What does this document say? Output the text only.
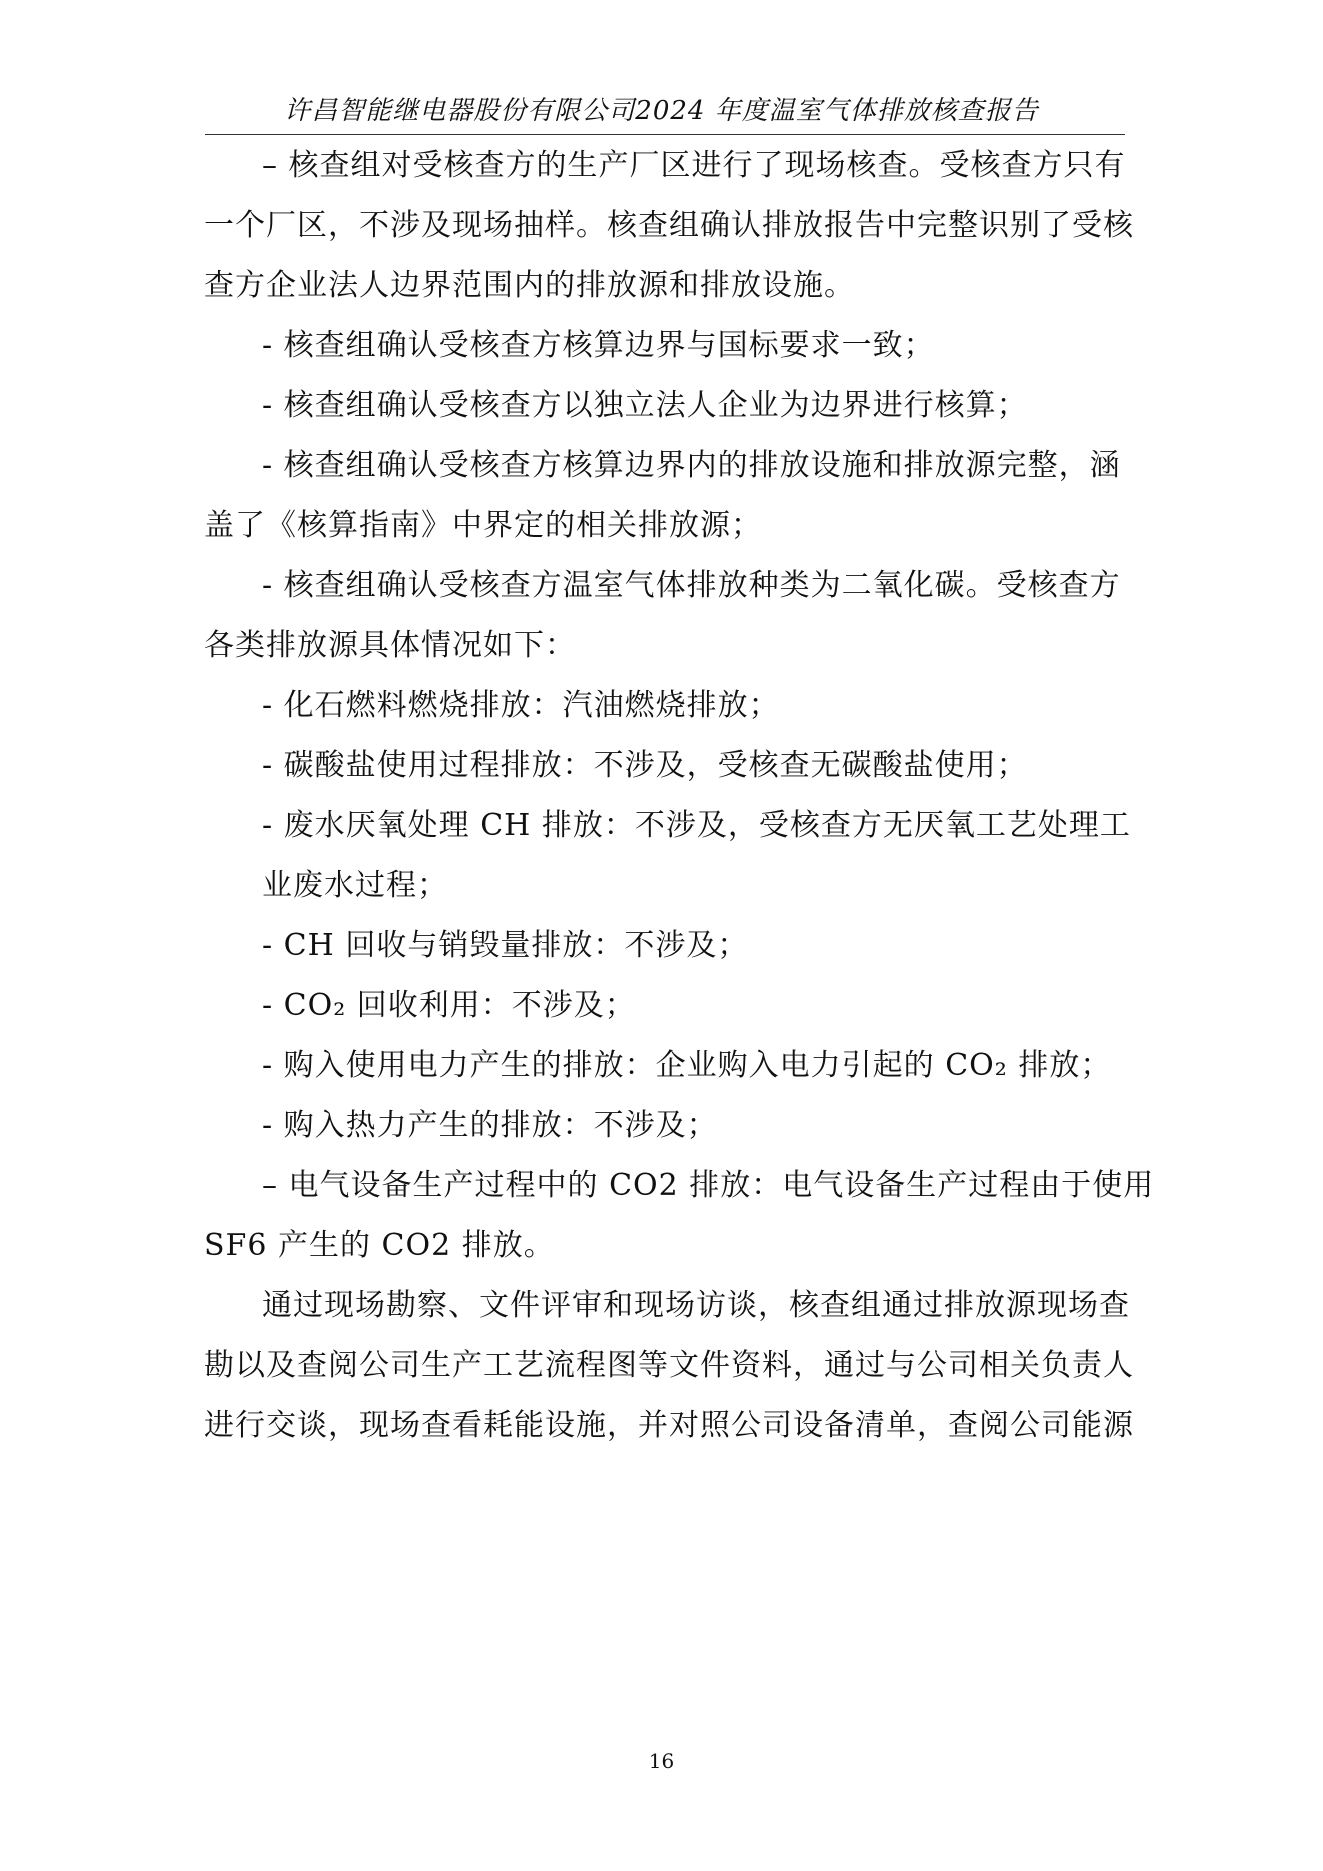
许昌智能继电器股份有限公司2024 年度温室气体排放核查报告
– 核查组对受核查方的生产厂区进行了现场核查。受核查方只有
一个厂区，不涉及现场抽样。核查组确认排放报告中完整识别了受核
查方企业法人边界范围内的排放源和排放设施。
- 核查组确认受核查方核算边界与国标要求一致；
- 核查组确认受核查方以独立法人企业为边界进行核算；
- 核查组确认受核查方核算边界内的排放设施和排放源完整，涵
盖了《核算指南》中界定的相关排放源；
- 核查组确认受核查方温室气体排放种类为二氧化碳。受核查方
各类排放源具体情况如下：
- 化石燃料燃烧排放：汽油燃烧排放；
- 碳酸盐使用过程排放：不涉及，受核查无碳酸盐使用；
- 废水厌氧处理 CH 排放：不涉及，受核查方无厌氧工艺处理工
业废水过程；
- CH 回收与销毁量排放：不涉及；
- CO₂ 回收利用：不涉及；
- 购入使用电力产生的排放：企业购入电力引起的 CO₂ 排放；
- 购入热力产生的排放：不涉及；
– 电气设备生产过程中的 CO2 排放：电气设备生产过程由于使用
SF6 产生的 CO2 排放。
通过现场勘察、文件评审和现场访谈，核查组通过排放源现场查
勘以及查阅公司生产工艺流程图等文件资料，通过与公司相关负责人
进行交谈，现场查看耗能设施，并对照公司设备清单，查阅公司能源
16
